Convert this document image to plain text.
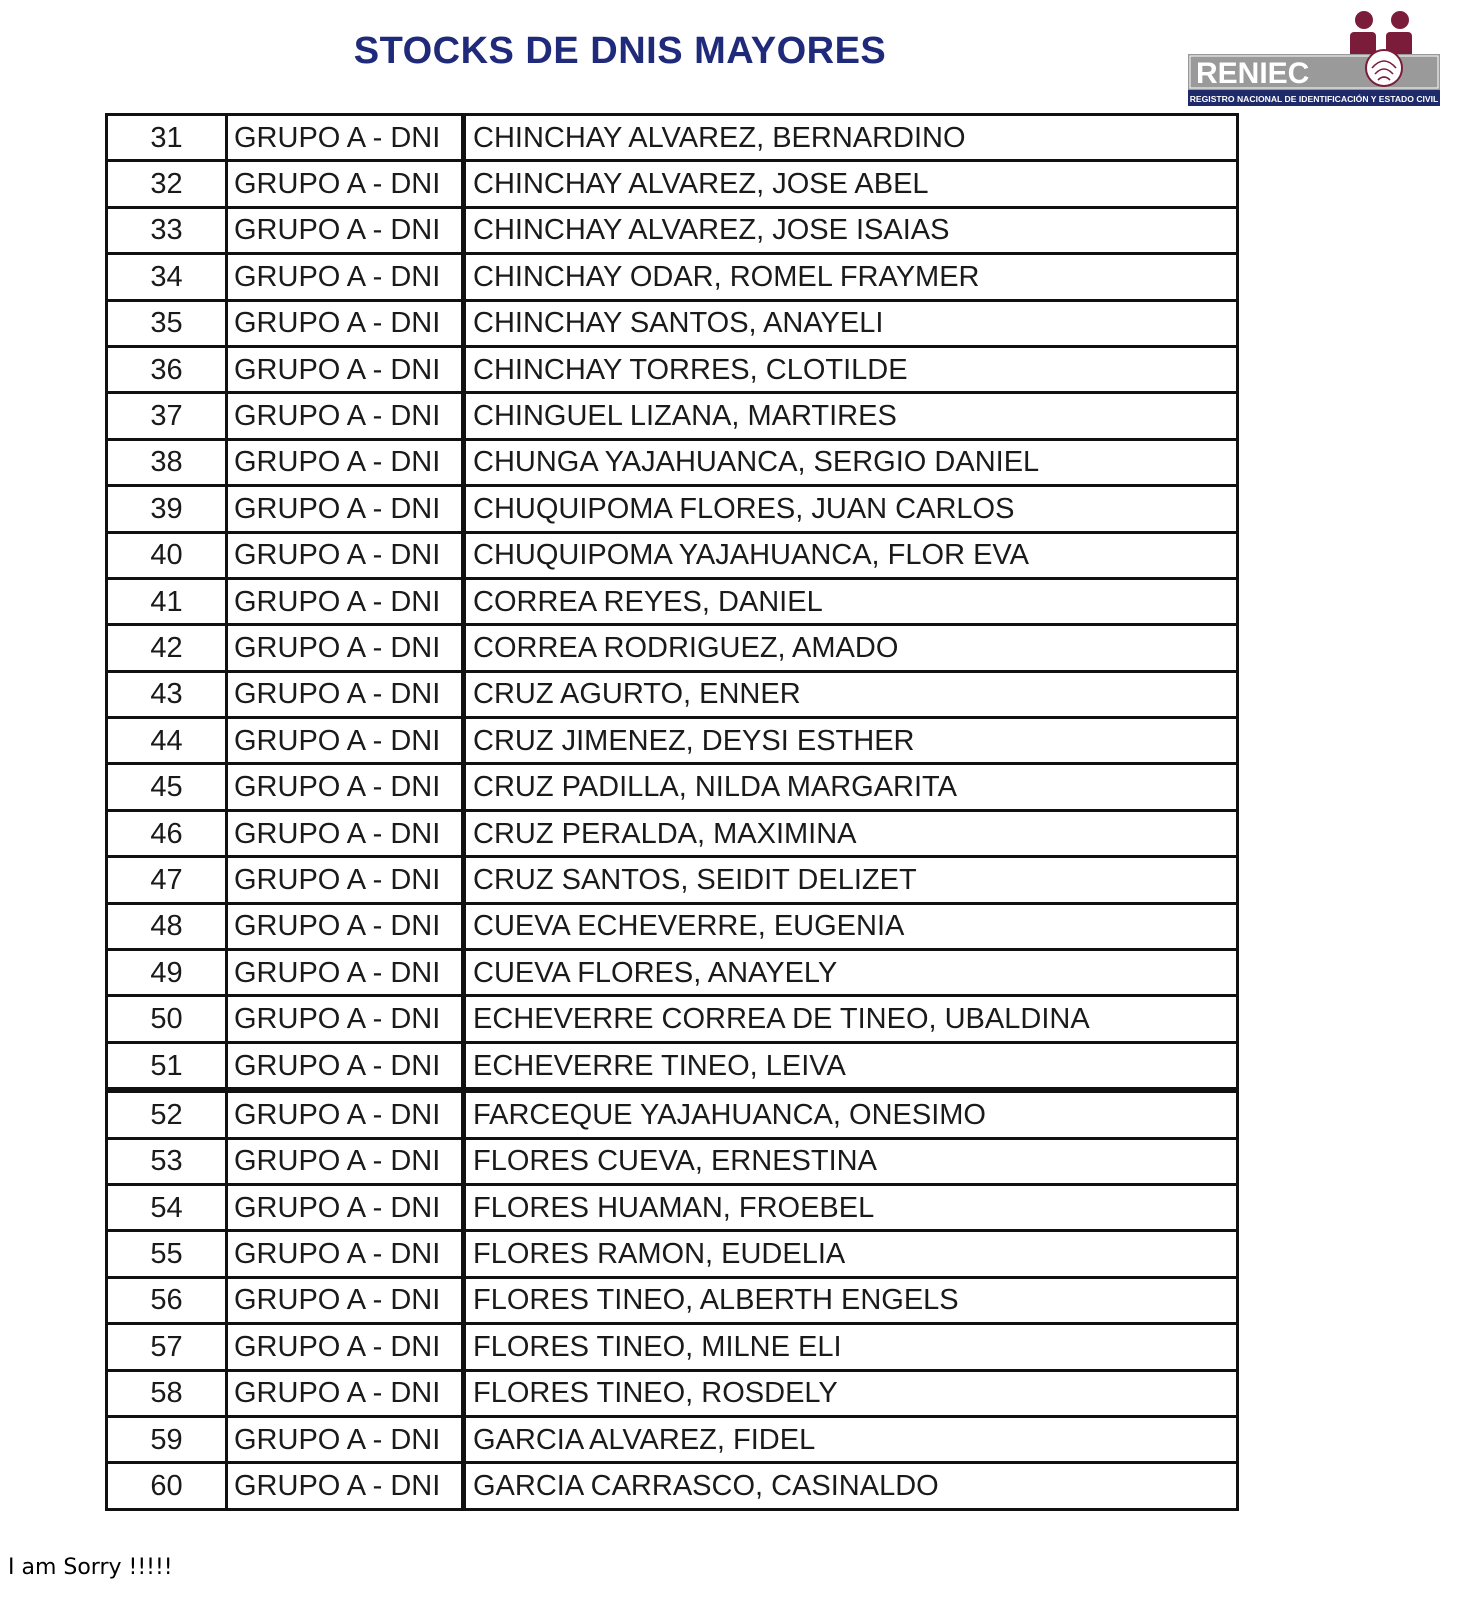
STOCKS DE DNIS MAYORES
RENIEC
REGISTRO NACIONAL DE IDENTIFICACIÓN Y ESTADO CIVIL
31	GRUPO A - DNI	CHINCHAY ALVAREZ, BERNARDINO
32	GRUPO A - DNI	CHINCHAY ALVAREZ, JOSE ABEL
33	GRUPO A - DNI	CHINCHAY ALVAREZ, JOSE ISAIAS
34	GRUPO A - DNI	CHINCHAY ODAR, ROMEL FRAYMER
35	GRUPO A - DNI	CHINCHAY SANTOS, ANAYELI
36	GRUPO A - DNI	CHINCHAY TORRES, CLOTILDE
37	GRUPO A - DNI	CHINGUEL LIZANA, MARTIRES
38	GRUPO A - DNI	CHUNGA YAJAHUANCA, SERGIO DANIEL
39	GRUPO A - DNI	CHUQUIPOMA FLORES, JUAN CARLOS
40	GRUPO A - DNI	CHUQUIPOMA YAJAHUANCA, FLOR EVA
41	GRUPO A - DNI	CORREA REYES, DANIEL
42	GRUPO A - DNI	CORREA RODRIGUEZ, AMADO
43	GRUPO A - DNI	CRUZ AGURTO, ENNER
44	GRUPO A - DNI	CRUZ JIMENEZ, DEYSI ESTHER
45	GRUPO A - DNI	CRUZ PADILLA, NILDA MARGARITA
46	GRUPO A - DNI	CRUZ PERALDA, MAXIMINA
47	GRUPO A - DNI	CRUZ SANTOS, SEIDIT DELIZET
48	GRUPO A - DNI	CUEVA ECHEVERRE, EUGENIA
49	GRUPO A - DNI	CUEVA FLORES, ANAYELY
50	GRUPO A - DNI	ECHEVERRE CORREA DE TINEO, UBALDINA
51	GRUPO A - DNI	ECHEVERRE TINEO, LEIVA
52	GRUPO A - DNI	FARCEQUE YAJAHUANCA, ONESIMO
53	GRUPO A - DNI	FLORES CUEVA, ERNESTINA
54	GRUPO A - DNI	FLORES HUAMAN, FROEBEL
55	GRUPO A - DNI	FLORES RAMON, EUDELIA
56	GRUPO A - DNI	FLORES TINEO, ALBERTH ENGELS
57	GRUPO A - DNI	FLORES TINEO, MILNE ELI
58	GRUPO A - DNI	FLORES TINEO, ROSDELY
59	GRUPO A - DNI	GARCIA ALVAREZ, FIDEL
60	GRUPO A - DNI	GARCIA CARRASCO, CASINALDO
I am Sorry !!!!!
